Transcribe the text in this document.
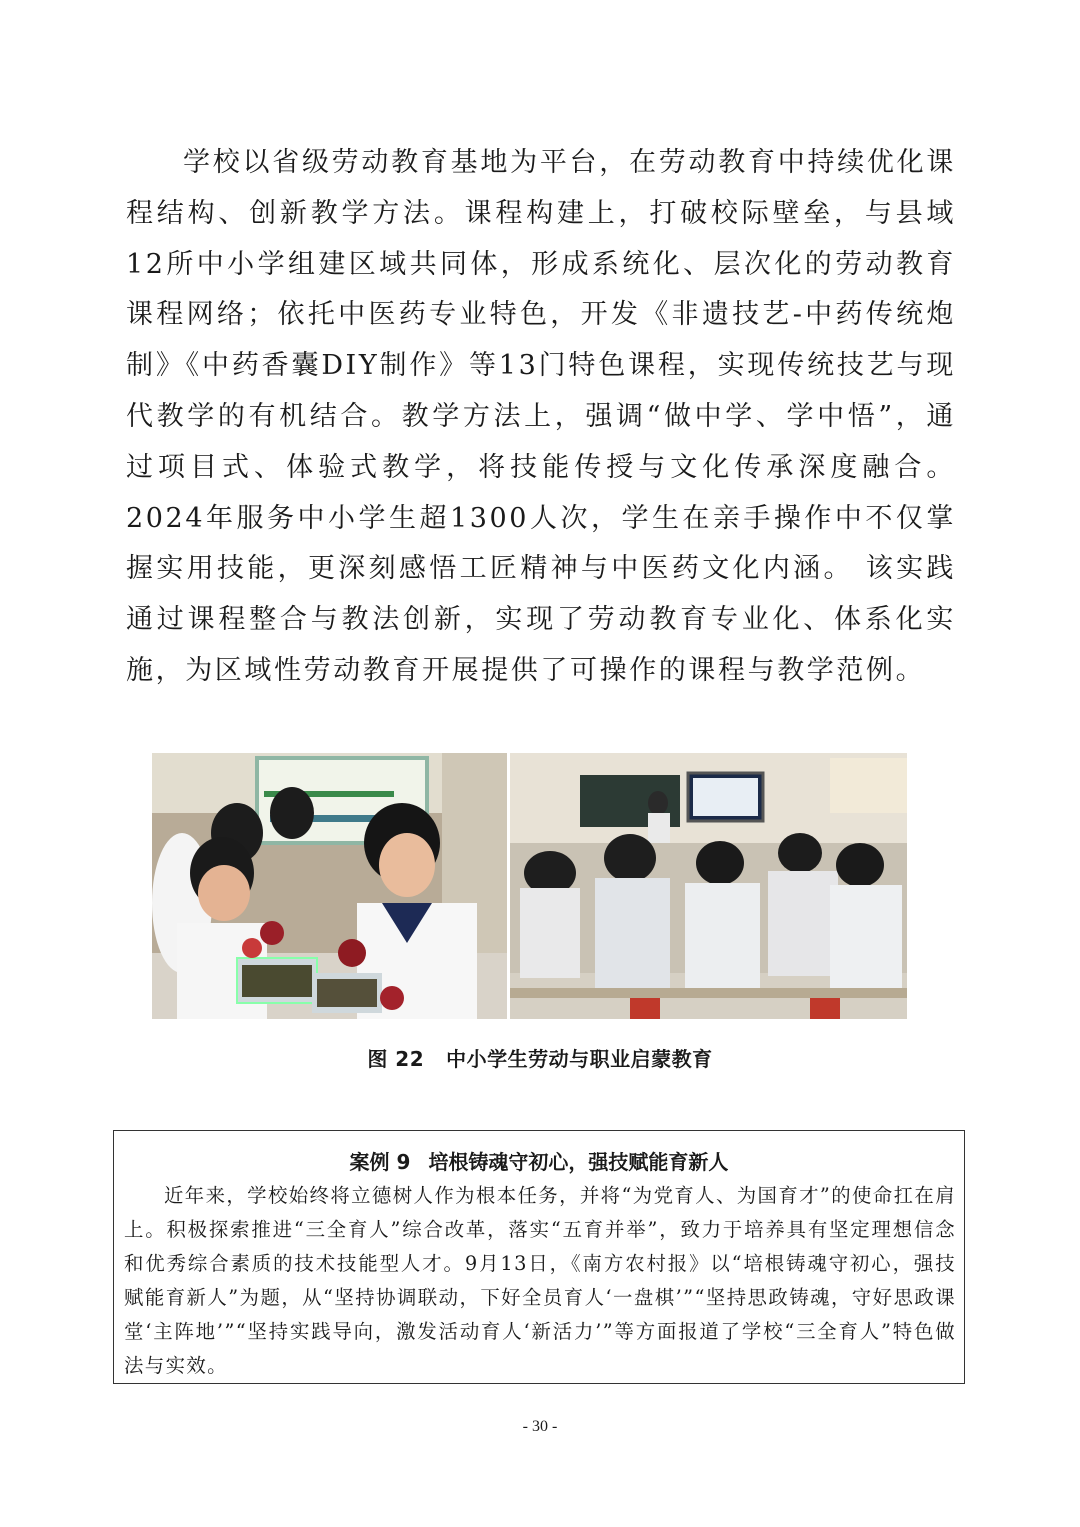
学校以省级劳动教育基地为平台，在劳动教育中持续优化课程结构、创新教学方法。课程构建上，打破校际壁垒，与县域12所中小学组建区域共同体，形成系统化、层次化的劳动教育课程网络；依托中医药专业特色，开发《非遗技艺-中药传统炮制》《中药香囊DIY制作》等13门特色课程，实现传统技艺与现代教学的有机结合。教学方法上，强调“做中学、学中悟”，通过项目式、体验式教学，将技能传授与文化传承深度融合。2024年服务中小学生超1300人次，学生在亲手操作中不仅掌握实用技能，更深刻感悟工匠精神与中医药文化内涵。 该实践通过课程整合与教法创新，实现了劳动教育专业化、体系化实施，为区域性劳动教育开展提供了可操作的课程与教学范例。

图 22 中小学生劳动与职业启蒙教育
案例 9 培根铸魂守初心，强技赋能育新人

近年来，学校始终将立德树人作为根本任务，并将“为党育人、为国育才”的使命扛在肩上。积极探索推进“三全育人”综合改革，落实“五育并举”，致力于培养具有坚定理想信念和优秀综合素质的技术技能型人才。9月13日，《南方农村报》以“培根铸魂守初心，强技赋能育新人”为题，从“坚持协调联动，下好全员育人‘一盘棋’”“坚持思政铸魂，守好思政课堂‘主阵地’”“坚持实践导向，激发活动育人‘新活力’”等方面报道了学校“三全育人”特色做法与实效。

- 30 -
